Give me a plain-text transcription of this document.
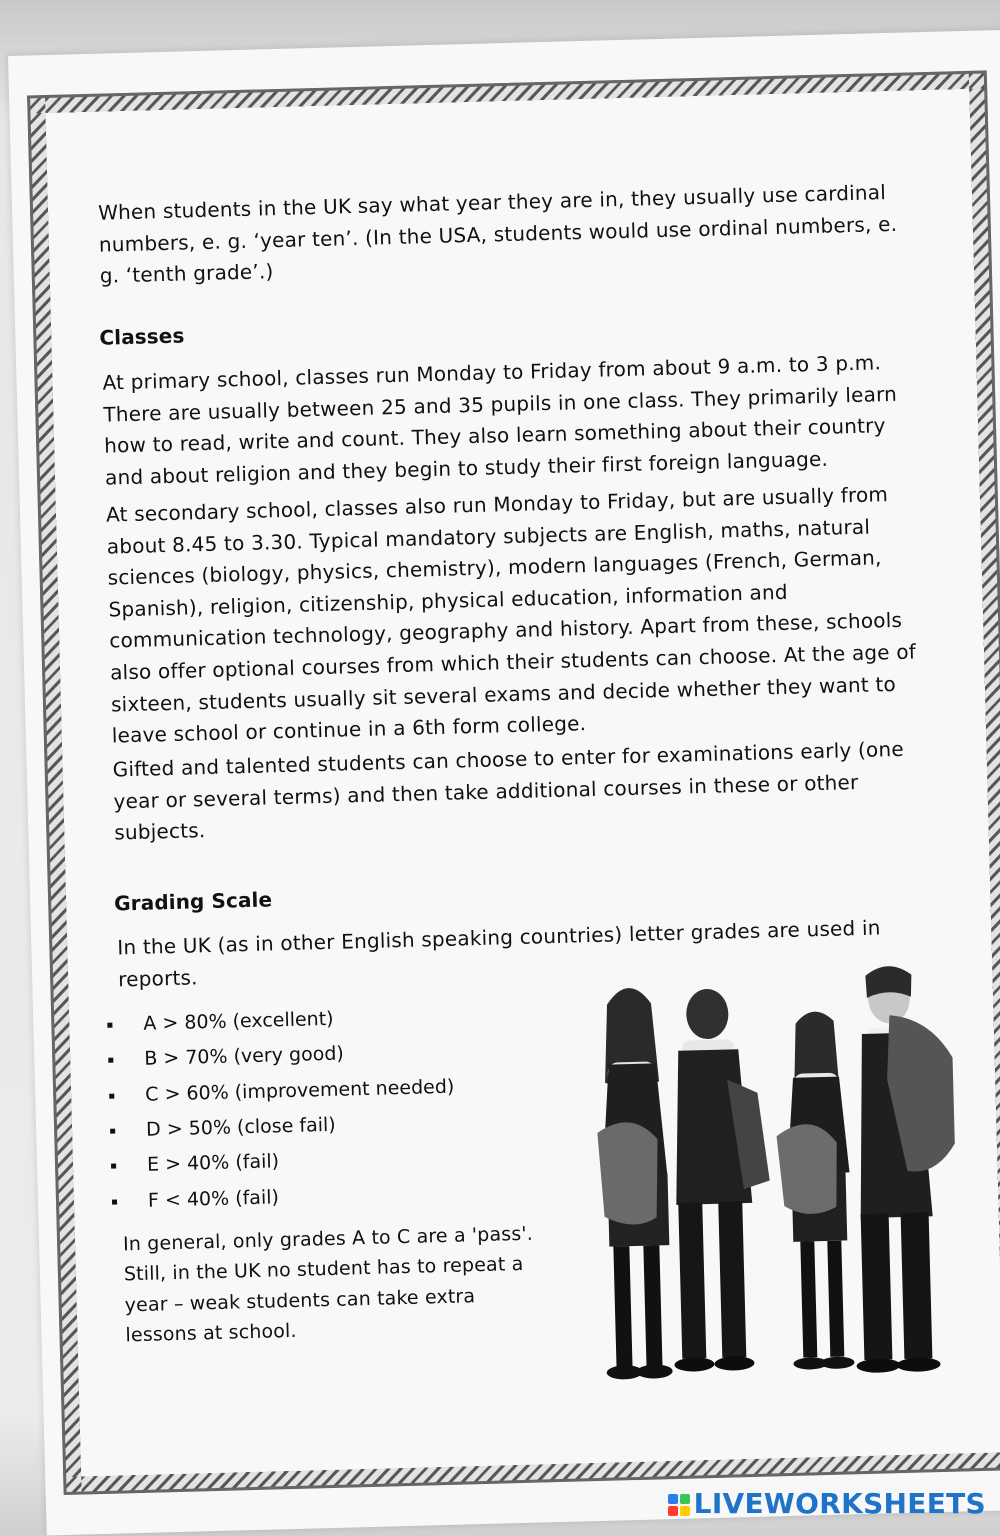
When students in the UK say what year they are in, they usually use cardinal numbers, e. g. ‘year ten’. (In the USA, students would use ordinal numbers, e. g. ‘tenth grade’.)
Classes
At primary school, classes run Monday to Friday from about 9 a.m. to 3 p.m. There are usually between 25 and 35 pupils in one class. They primarily learn how to read, write and count. They also learn something about their country and about religion and they begin to study their first foreign language.
At secondary school, classes also run Monday to Friday, but are usually from about 8.45 to 3.30. Typical mandatory subjects are English, maths, natural sciences (biology, physics, chemistry), modern languages (French, German, Spanish), religion, citizenship, physical education, information and communication technology, geography and history. Apart from these, schools also offer optional courses from which their students can choose. At the age of sixteen, students usually sit several exams and decide whether they want to leave school or continue in a 6th form college.
Gifted and talented students can choose to enter for examinations early (one year or several terms) and then take additional courses in these or other subjects.
Grading Scale
In the UK (as in other English speaking countries) letter grades are used in reports.
A > 80% (excellent)
B > 70% (very good)
C > 60% (improvement needed)
D > 50% (close fail)
E > 40% (fail)
F < 40% (fail)
In general, only grades A to C are a 'pass'. Still, in the UK no student has to repeat a year – weak students can take extra lessons at school.
LIVEWORKSHEETS
